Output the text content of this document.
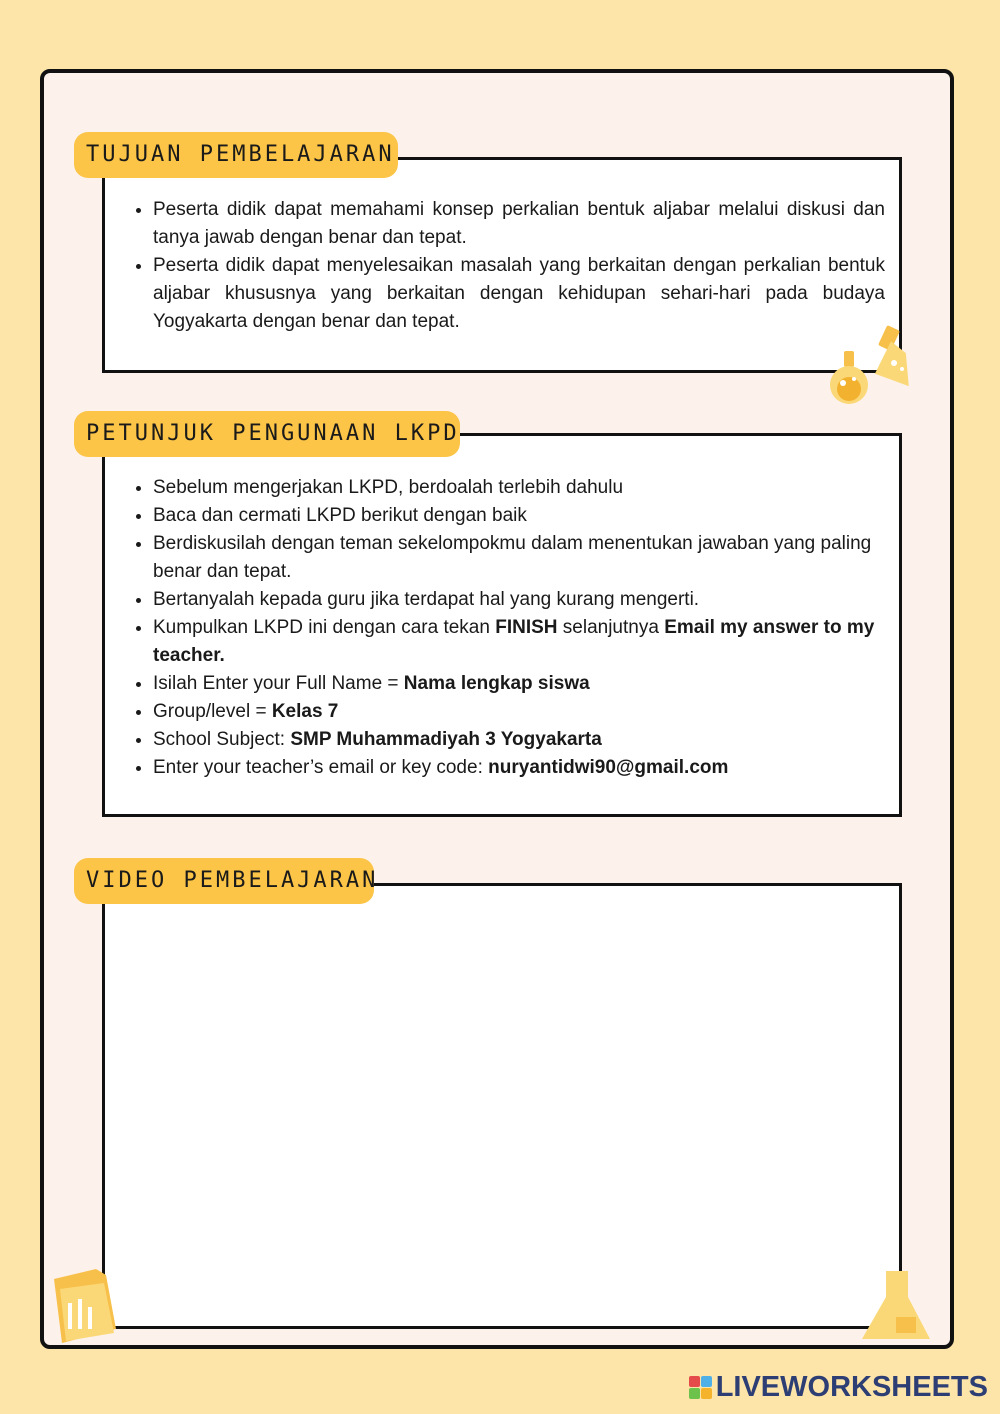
• Peserta didik dapat memahami konsep perkalian bentuk aljabar melalui diskusi dan tanya jawab dengan benar dan tepat.
• Peserta didik dapat menyelesaikan masalah yang berkaitan dengan perkalian bentuk aljabar khususnya yang berkaitan dengan kehidupan sehari-hari pada budaya Yogyakarta dengan benar dan tepat.
TUJUAN PEMBELAJARAN
• Sebelum mengerjakan LKPD, berdoalah terlebih dahulu
• Baca dan cermati LKPD berikut dengan baik
• Berdiskusilah dengan teman sekelompokmu dalam menentukan jawaban yang paling benar dan tepat.
• Bertanyalah kepada guru jika terdapat hal yang kurang mengerti.
• Kumpulkan LKPD ini dengan cara tekan FINISH selanjutnya Email my answer to my teacher.
• Isilah Enter your Full Name = Nama lengkap siswa
• Group/level = Kelas 7
• School Subject: SMP Muhammadiyah 3 Yogyakarta
• Enter your teacher’s email or key code: nuryantidwi90@gmail.com
PETUNJUK PENGUNAAN LKPD
VIDEO PEMBELAJARAN
LIVEWORKSHEETS
